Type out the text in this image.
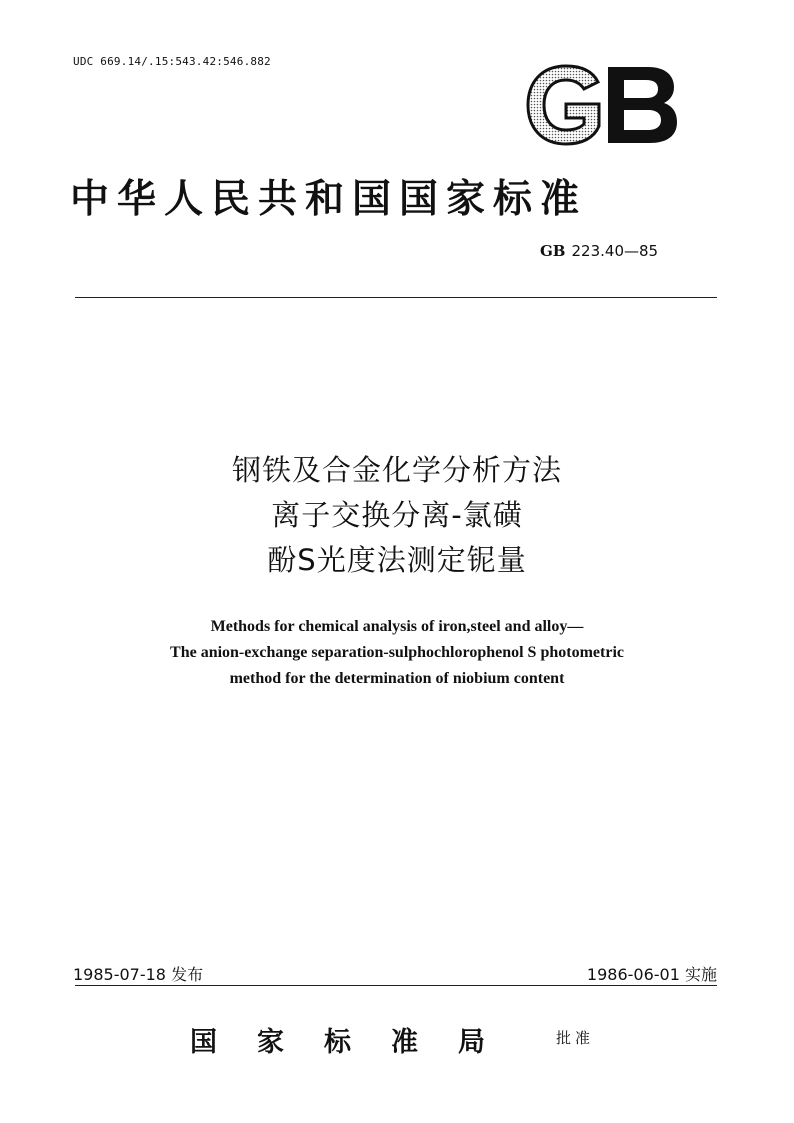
UDC 669.14/.15:543.42:546.882
中华人民共和国国家标准
GB 223.40—85
钢铁及合金化学分析方法
离子交换分离-氯磺
酚S光度法测定铌量
Methods for chemical analysis of iron,steel and alloy—
The anion-exchange separation-sulphochlorophenol S photometric
method for the determination of niobium content
1985-07-18 发布	1986-06-01 实施
国家标准局 批准
